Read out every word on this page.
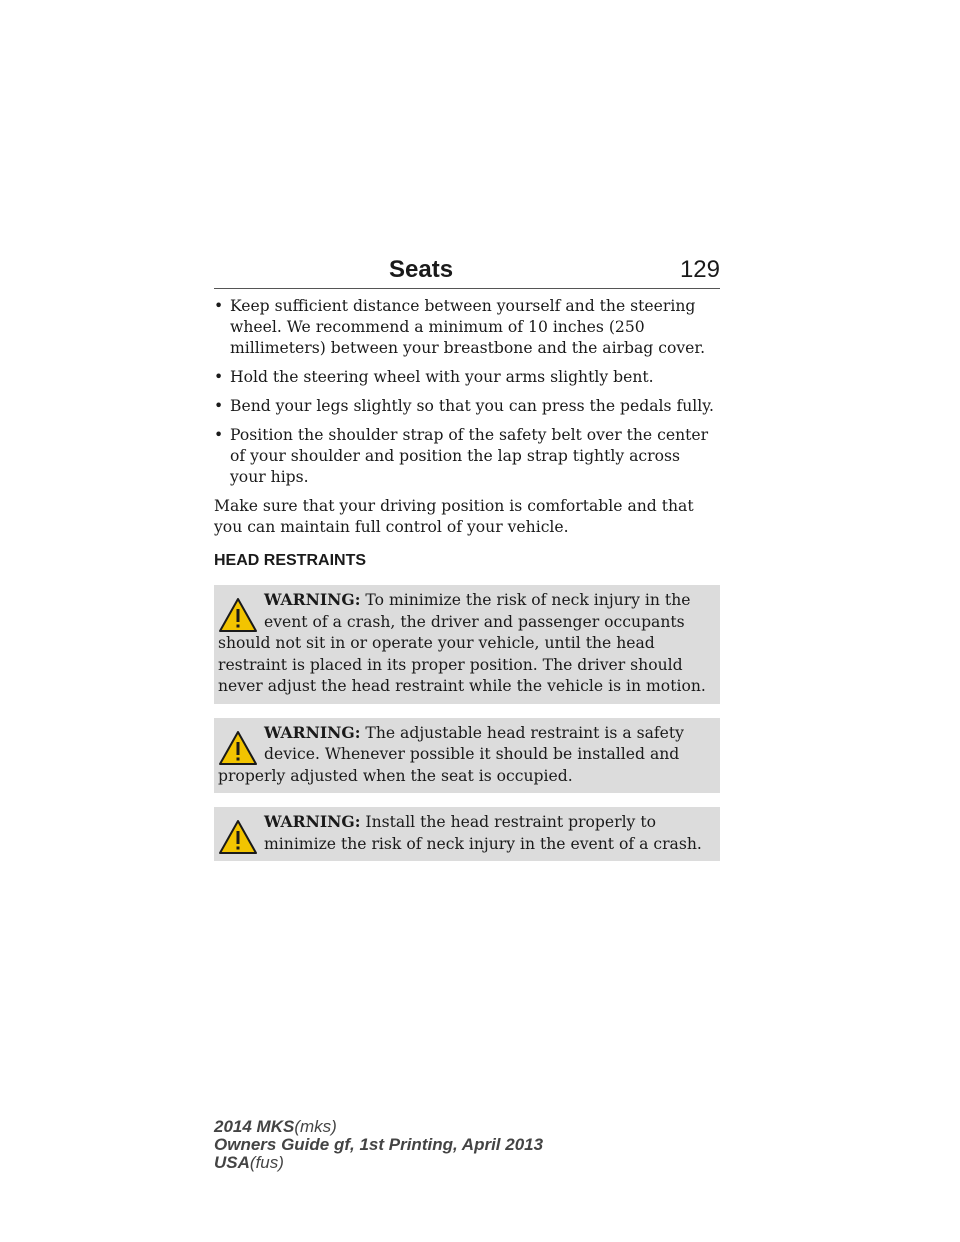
Seats	129
• Keep sufficient distance between yourself and the steering wheel. We recommend a minimum of 10 inches (250 millimeters) between your breastbone and the airbag cover.
• Hold the steering wheel with your arms slightly bent.
• Bend your legs slightly so that you can press the pedals fully.
• Position the shoulder strap of the safety belt over the center of your shoulder and position the lap strap tightly across your hips.

Make sure that your driving position is comfortable and that you can maintain full control of your vehicle.

HEAD RESTRAINTS
WARNING: To minimize the risk of neck injury in the event of a crash, the driver and passenger occupants should not sit in or operate your vehicle, until the head restraint is placed in its proper position. The driver should never adjust the head restraint while the vehicle is in motion.
WARNING: The adjustable head restraint is a safety device. Whenever possible it should be installed and properly adjusted when the seat is occupied.
WARNING: Install the head restraint properly to minimize the risk of neck injury in the event of a crash.
2014 MKS(mks)
Owners Guide gf, 1st Printing, April 2013
USA(fus)
